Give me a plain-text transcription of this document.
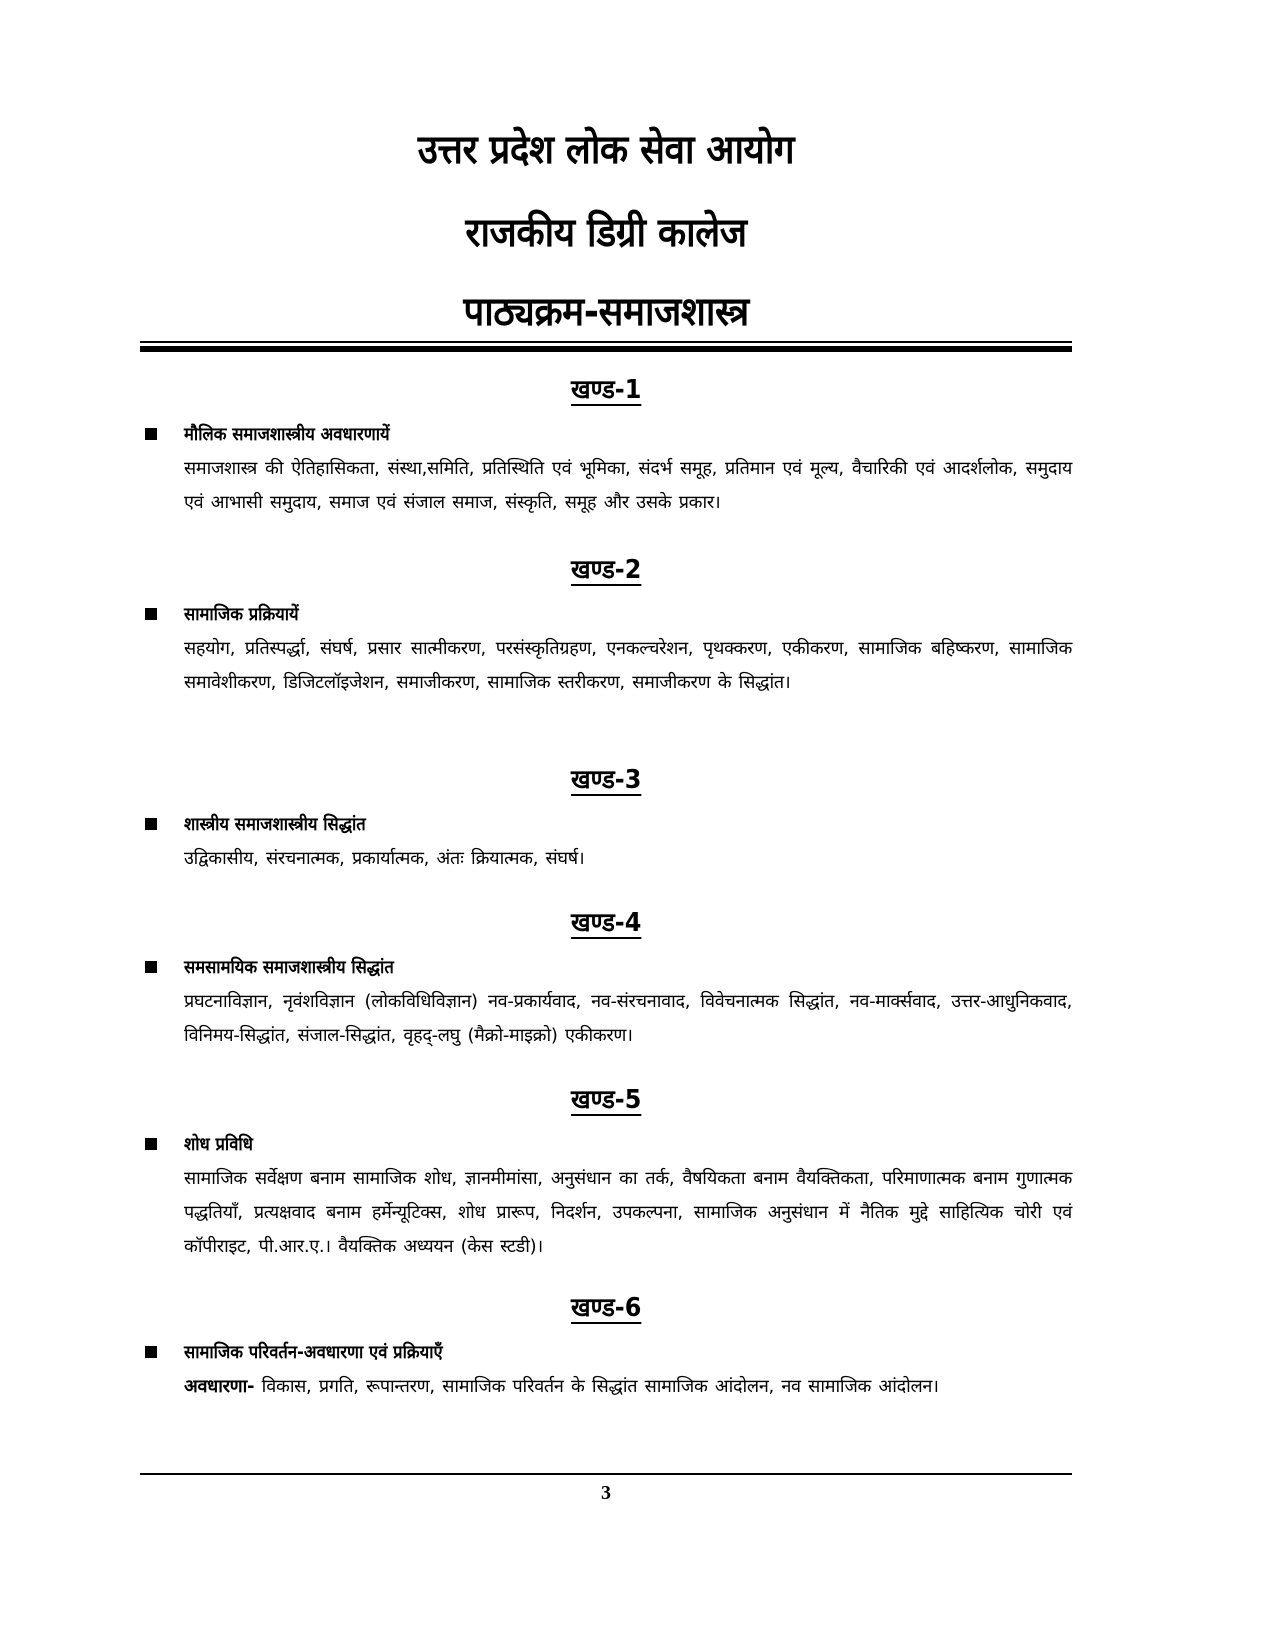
उत्तर प्रदेश लोक सेवा आयोग
राजकीय डिग्री कालेज
पाठ्यक्रम-समाजशास्त्र
खण्ड-1

मौलिक समाजशास्त्रीय अवधारणायें

समाजशास्त्र की ऐतिहासिकता, संस्था,समिति, प्रतिस्थिति एवं भूमिका, संदर्भ समूह, प्रतिमान एवं मूल्य, वैचारिकी एवं आदर्शलोक, समुदाय एवं आभासी समुदाय, समाज एवं संजाल समाज, संस्कृति, समूह और उसके प्रकार।

खण्ड-2

सामाजिक प्रक्रियायें

सहयोग, प्रतिस्पर्द्धा, संघर्ष, प्रसार सात्मीकरण, परसंस्कृतिग्रहण, एनकल्चरेशन, पृथक्करण, एकीकरण, सामाजिक बहिष्करण, सामाजिक समावेशीकरण, डिजिटलॉइजेशन, समाजीकरण, सामाजिक स्तरीकरण, समाजीकरण के सिद्धांत।

खण्ड-3

शास्त्रीय समाजशास्त्रीय सिद्धांत

उद्विकासीय, संरचनात्मक, प्रकार्यात्मक, अंतः क्रियात्मक, संघर्ष।

खण्ड-4

समसामयिक समाजशास्त्रीय सिद्धांत

प्रघटनाविज्ञान, नृवंशविज्ञान (लोकविधिविज्ञान) नव-प्रकार्यवाद, नव-संरचनावाद, विवेचनात्मक सिद्धांत, नव-मार्क्सवाद, उत्तर-आधुनिकवाद, विनिमय-सिद्धांत, संजाल-सिद्धांत, वृहद्-लघु (मैक्रो-माइक्रो) एकीकरण।

खण्ड-5

शोध प्रविधि

सामाजिक सर्वेक्षण बनाम सामाजिक शोध, ज्ञानमीमांसा, अनुसंधान का तर्क, वैषयिकता बनाम वैयक्तिकता, परिमाणात्मक बनाम गुणात्मक पद्धतियाँ, प्रत्यक्षवाद बनाम हर्मेन्यूटिक्स, शोध प्रारूप, निदर्शन, उपकल्पना, सामाजिक अनुसंधान में नैतिक मुद्दे साहित्यिक चोरी एवं कॉपीराइट, पी.आर.ए.। वैयक्तिक अध्ययन (केस स्टडी)।

खण्ड-6

सामाजिक परिवर्तन-अवधारणा एवं प्रक्रियाएँ

अवधारणा- विकास, प्रगति, रूपान्तरण, सामाजिक परिवर्तन के सिद्धांत सामाजिक आंदोलन, नव सामाजिक आंदोलन।

3
